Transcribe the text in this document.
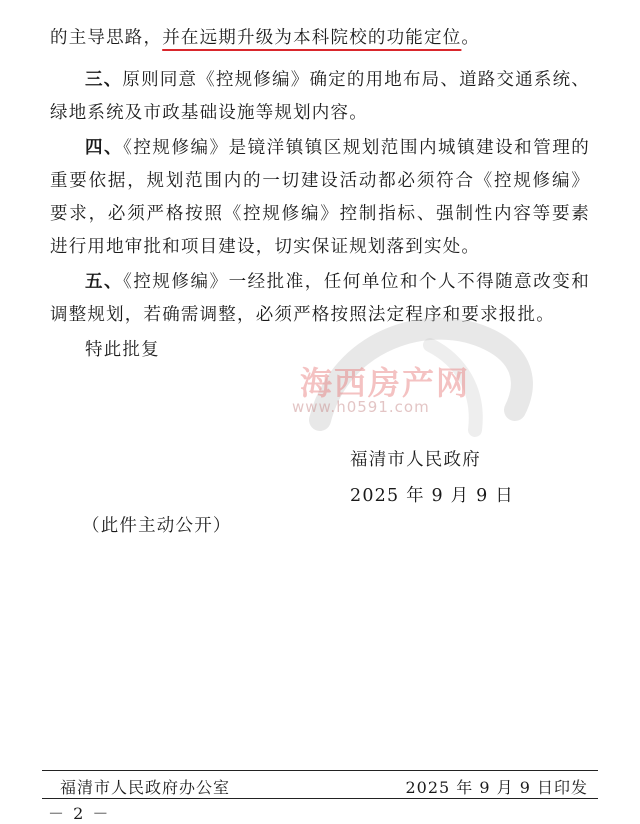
的主导思路，并在远期升级为本科院校的功能定位。

三、原则同意《控规修编》确定的用地布局、道路交通系统、绿地系统及市政基础设施等规划内容。

四、《控规修编》是镜洋镇镇区规划范围内城镇建设和管理的重要依据，规划范围内的一切建设活动都必须符合《控规修编》要求，必须严格按照《控规修编》控制指标、强制性内容等要素进行用地审批和项目建设，切实保证规划落到实处。

五、《控规修编》一经批准，任何单位和个人不得随意改变和调整规划，若确需调整，必须严格按照法定程序和要求报批。

特此批复

海西房产网
www.h0591.com
福清市人民政府
2025 年 9 月 9 日
（此件主动公开）
福清市人民政府办公室	2025 年 9 月 9 日印发
－ 2 －
